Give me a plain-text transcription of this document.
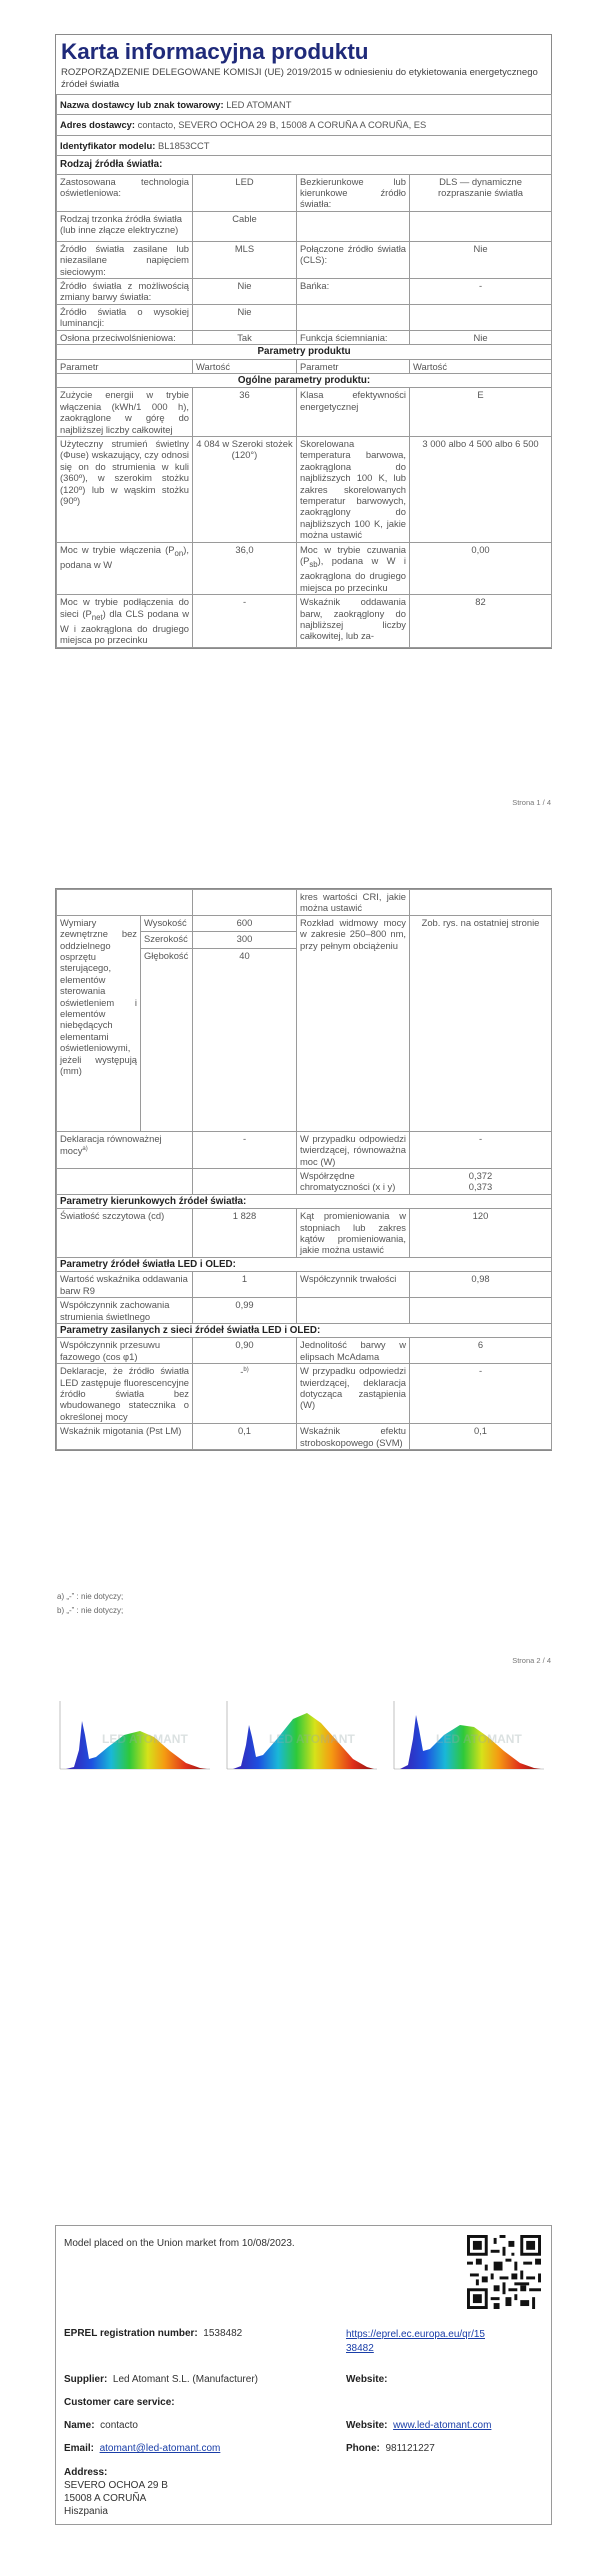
Karta informacyjna produktu
ROZPORZĄDZENIE DELEGOWANE KOMISJI (UE) 2019/2015 w odniesieniu do etykietowania energetycznego źródeł światła
Nazwa dostawcy lub znak towarowy: LED ATOMANT			
Adres dostawcy: contacto, SEVERO OCHOA 29 B, 15008 A CORUÑA A CORUÑA, ES			
Identyfikator modelu: BL1853CCT			
Rodzaj źródła światła:			
Zastosowana technologia oświetleniowa:	LED	Bezkierunkowe lub kierunkowe źródło światła:	DLS — dynamiczne rozpraszanie światła
Rodzaj trzonka źródła światła
(lub inne złącze elektryczne)	Cable		
Źródło światła zasilane lub niezasilane napięciem sieciowym:	MLS	Połączone źródło światła (CLS):	Nie
Źródło światła z możliwością zmiany barwy światła:	Nie	Bańka:	-
Źródło światła o wysokiej luminancji:	Nie		
Osłona przeciwolśnieniowa:	Tak	Funkcja ściemniania:	Nie
Parametry produktu			
Parametr	Wartość	Parametr	Wartość
Ogólne parametry produktu:			
Zużycie energii w trybie włączenia (kWh/1 000 h), zaokrąglone w górę do najbliższej liczby całkowitej	36	Klasa efektywności energetycznej	E
Użyteczny strumień świetlny (Φuse) wskazujący, czy odnosi się on do strumienia w kuli (360º), w szerokim stożku (120º) lub w wąskim stożku (90º)	4 084 w Szeroki stożek (120°)	Skorelowana temperatura barwowa, zaokrąglona do najbliższych 100 K, lub zakres skorelowanych temperatur barwowych, zaokrąglony do najbliższych 100 K, jakie można ustawić	3 000 albo 4 500 albo 6 500
Moc w trybie włączenia $(P_{on})$, podana w W	36,0	Moc w trybie czuwania $(P_{sb})$, podana w W i zaokrąglona do drugiego miejsca po przecinku	0,00
Moc w trybie podłączenia do sieci $(P_{net})$ dla CLS podana w W i zaokrąglona do drugiego miejsca po przecinku	-	Wskaźnik oddawania barw, zaokrąglony do najbliższej liczby całkowitej, lub za-	82
Strona 1 / 4
			kres wartości CRI, jakie można ustawić	
Wymiary zewnętrzne bez oddzielnego osprzętu sterującego, elementów sterowania oświetleniem i elementów niebędących elementami oświetleniowymi, jeżeli występują (mm)	Wysokość	600	Rozkład widmowy mocy w zakresie 250–800 nm, przy pełnym obciążeniu	Zob. rys. na ostatniej stronie
	Szerokość	300		
	Głębokość	40		
Deklaracja równoważnej mocy$^{a)}$		-	W przypadku odpowiedzi twierdzącej, równoważna moc (W)	-
			Współrzędne chromatyczności (x i y)	0,372
0,373
Parametry kierunkowych źródeł światła:				
Światłość szczytowa (cd)		1 828	Kąt promieniowania w stopniach lub zakres kątów promieniowania, jakie można ustawić	120
Parametry źródeł światła LED i OLED:				
Wartość wskaźnika oddawania barw R9		1	Współczynnik trwałości	0,98
Współczynnik zachowania strumienia świetlnego		0,99		
Parametry zasilanych z sieci źródeł światła LED i OLED:				
Współczynnik przesuwu fazowego (cos φ1)		0,90	Jednolitość barwy w elipsach McAdama	6
Deklaracje, że źródło światła LED zastępuje fluorescencyjne źródło światła bez wbudowanego statecznika o określonej mocy		-$^{b)}$	W przypadku odpowiedzi twierdzącej, deklaracja dotycząca zastąpienia (W)	-
Wskaźnik migotania (Pst LM)		0,1	Wskaźnik efektu stroboskopowego (SVM)	0,1
a) „-” : nie dotyczy;
b) „-” : nie dotyczy;
Strona 2 / 4
LED ATOMANT	LED ATOMANT	LED ATOMANT
Model placed on the Union market from 10/08/2023.
EPREL registration number: 1538482	https://eprel.ec.europa.eu/qr/15
38482
Supplier: Led Atomant S.L. (Manufacturer)	Website:
Customer care service:
Name: contacto	Website: www.led-atomant.com
Email: atomant@led-atomant.com	Phone: 981121227
Address:
SEVERO OCHOA 29 B
15008 A CORUÑA
Hiszpania
